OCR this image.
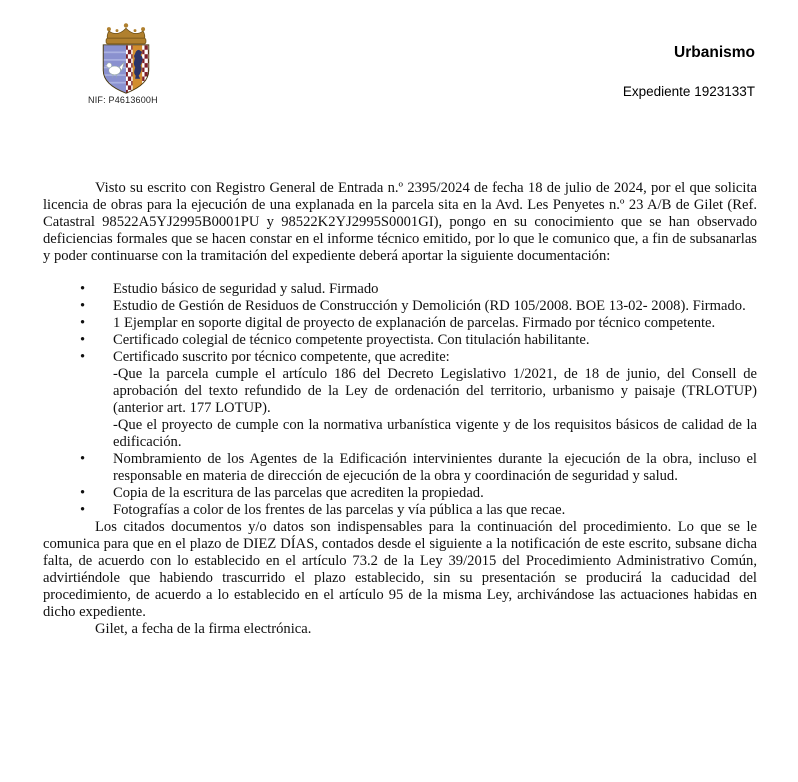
NIF: P4613600H
Urbanismo
Expediente 1923133T

Visto su escrito con Registro General de Entrada n.º 2395/2024 de fecha 18 de julio de 2024, por el que solicita licencia de obras para la ejecución de una explanada en la parcela sita en la Avd. Les Penyetes n.º 23 A/B de Gilet (Ref. Catastral 98522A5YJ2995B0001PU y 98522K2YJ2995S0001GI), pongo en su conocimiento que se han observado deficiencias formales que se hacen constar en el informe técnico emitido, por lo que le comunico que, a fin de subsanarlas y poder continuarse con la tramitación del expediente deberá aportar la siguiente documentación:

• Estudio básico de seguridad y salud. Firmado
• Estudio de Gestión de Residuos de Construcción y Demolición (RD 105/2008. BOE 13-02- 2008). Firmado.
• 1 Ejemplar en soporte digital de proyecto de explanación de parcelas. Firmado por técnico competente.
• Certificado colegial de técnico competente proyectista. Con titulación habilitante.
• Certificado suscrito por técnico competente, que acredite:
-Que la parcela cumple el artículo 186 del Decreto Legislativo 1/2021, de 18 de junio, del Consell de aprobación del texto refundido de la Ley de ordenación del territorio, urbanismo y paisaje (TRLOTUP) (anterior art. 177 LOTUP).
-Que el proyecto de cumple con la normativa urbanística vigente y de los requisitos básicos de calidad de la edificación.
• Nombramiento de los Agentes de la Edificación intervinientes durante la ejecución de la obra, incluso el responsable en materia de dirección de ejecución de la obra y coordinación de seguridad y salud.
• Copia de la escritura de las parcelas que acrediten la propiedad.
• Fotografías a color de los frentes de las parcelas y vía pública a las que recae.

Los citados documentos y/o datos son indispensables para la continuación del procedimiento. Lo que se le comunica para que en el plazo de DIEZ DÍAS, contados desde el siguiente a la notificación de este escrito, subsane dicha falta, de acuerdo con lo establecido en el artículo 73.2 de la Ley 39/2015 del Procedimiento Administrativo Común, advirtiéndole que habiendo trascurrido el plazo establecido, sin su presentación se producirá la caducidad del procedimiento, de acuerdo a lo establecido en el artículo 95 de la misma Ley, archivándose las actuaciones habidas en dicho expediente.

Gilet, a fecha de la firma electrónica.
